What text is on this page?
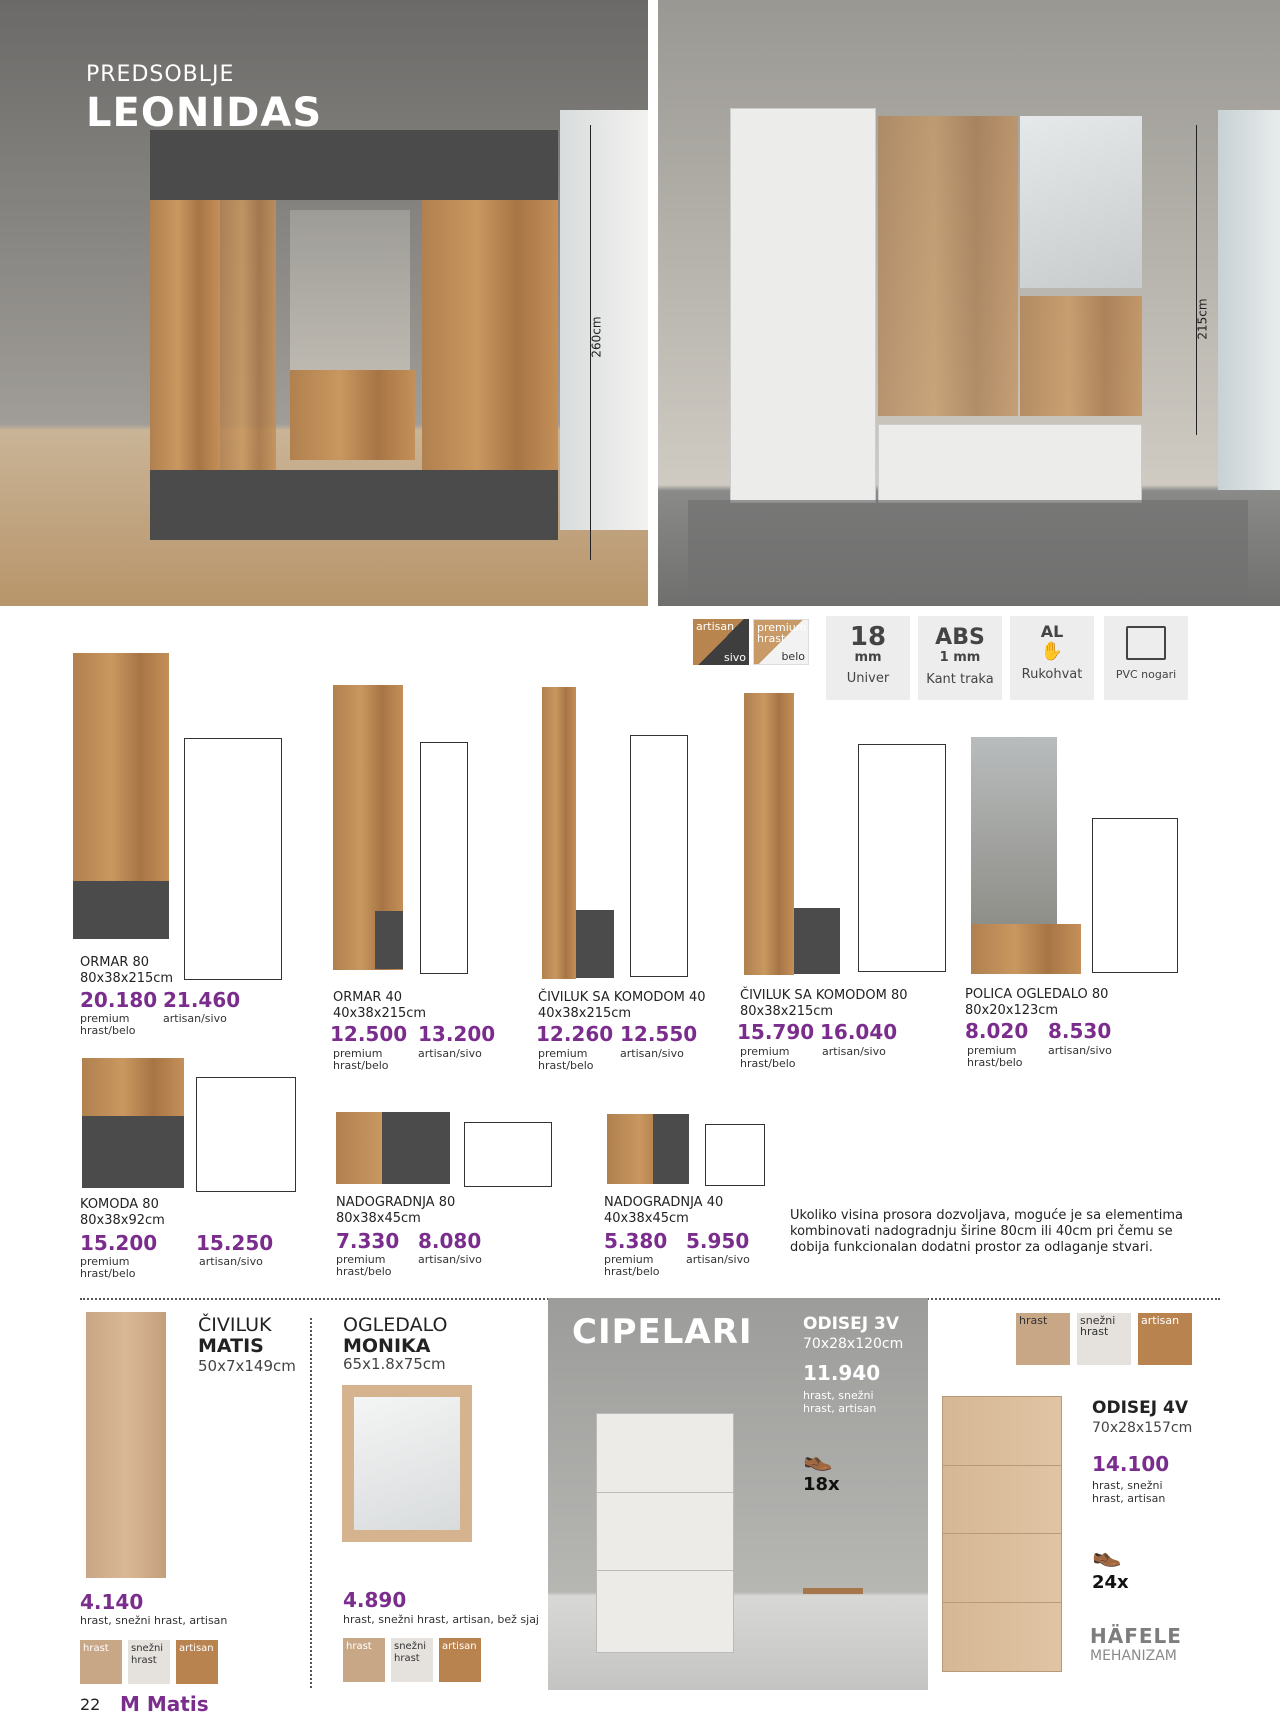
260cm
PREDSOBLJE
LEONIDAS
215cm
artisan
sivo
premium hrast
belo
18
mm
Univer
ABS
1 mm
Kant traka
AL
✋
Rukohvat	PVC nogari
ORMAR 80
80x38x215cm
20.180
premium hrast/belo
21.460
artisan/sivo
ORMAR 40
40x38x215cm
12.500
premium hrast/belo
13.200
artisan/sivo
ČIVILUK SA KOMODOM 40
40x38x215cm
12.260
premium hrast/belo
12.550
artisan/sivo
ČIVILUK SA KOMODOM 80
80x38x215cm
15.790
premium hrast/belo
16.040
artisan/sivo
POLICA OGLEDALO 80
80x20x123cm
8.020
premium hrast/belo
8.530
artisan/sivo
KOMODA 80
80x38x92cm
15.200
premium hrast/belo
15.250
artisan/sivo
NADOGRADNJA 80
80x38x45cm
7.330
premium hrast/belo
8.080
artisan/sivo
NADOGRADNJA 40
40x38x45cm
5.380
premium hrast/belo
5.950
artisan/sivo
Ukoliko visina prosora dozvoljava, moguće je sa elementima kombinovati nadogradnju širine 80cm ili 40cm pri čemu se dobija funkcionalan dodatni prostor za odlaganje stvari.
ČIVILUK
MATIS
50x7x149cm
4.140
hrast, snežni hrast, artisan
hrast	snežni hrast
artisan
OGLEDALO
MONIKA
65x1.8x75cm
4.890
hrast, snežni hrast, artisan, bež sjaj
hrast	snežni hrast
artisan
CIPELARI	ODISEJ 3V
70x28x120cm
11.940
hrast, snežni hrast, artisan
👞
18x
hrast	snežni hrast
artisan
ODISEJ 4V
70x28x157cm
14.100
hrast, snežni hrast, artisan
👞
24x
HÄFELE
MEHANIZAM
22 M Matis
